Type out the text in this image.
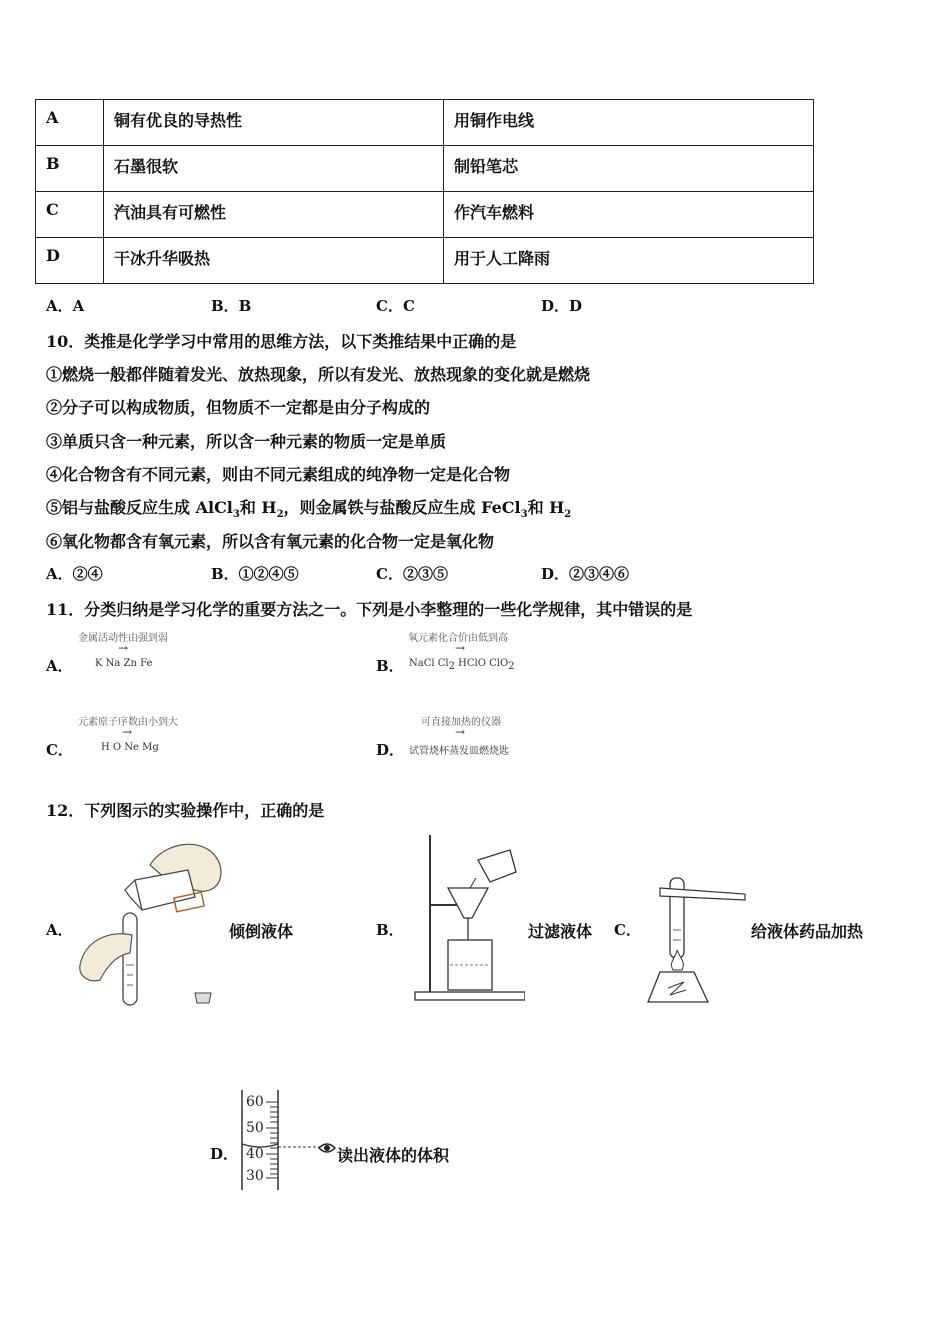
A	铜有优良的导热性	用铜作电线
B	石墨很软	制铅笔芯
C	汽油具有可燃性	作汽车燃料
D	干冰升华吸热	用于人工降雨
A．A	B．B	C．C	D．D
10．类推是化学学习中常用的思维方法，以下类推结果中正确的是
①燃烧一般都伴随着发光、放热现象，所以有发光、放热现象的变化就是燃烧
②分子可以构成物质，但物质不一定都是由分子构成的
③单质只含一种元素，所以含一种元素的物质一定是单质
④化合物含有不同元素，则由不同元素组成的纯净物一定是化合物
⑤铝与盐酸反应生成 AlCl$_3$和 $H_2$，则金属铁与盐酸反应生成 FeCl$_3$和 $H_2$
⑥氧化物都含有氧元素，所以含有氧元素的化合物一定是氧化物
A．②④	B．①②④⑤	C．②③⑤	D．②③④⑥
11．分类归纳是学习化学的重要方法之一。下列是小李整理的一些化学规律，其中错误的是
A．
金属活动性由强到弱
→
K Na Zn Fe	B．
氧元素化合价由低到高
→
NaCl $Cl_2$ HClO ClO$_2$
C．
元素原子序数由小到大
→
H O Ne Mg	D．
可直接加热的仪器
→
试管烧杯蒸发皿燃烧匙
12．下列图示的实验操作中，正确的是
A．	倾倒液体	B．	过滤液体 C．	给液体药品加热
D．
60
50
40
30
读出液体的体积
